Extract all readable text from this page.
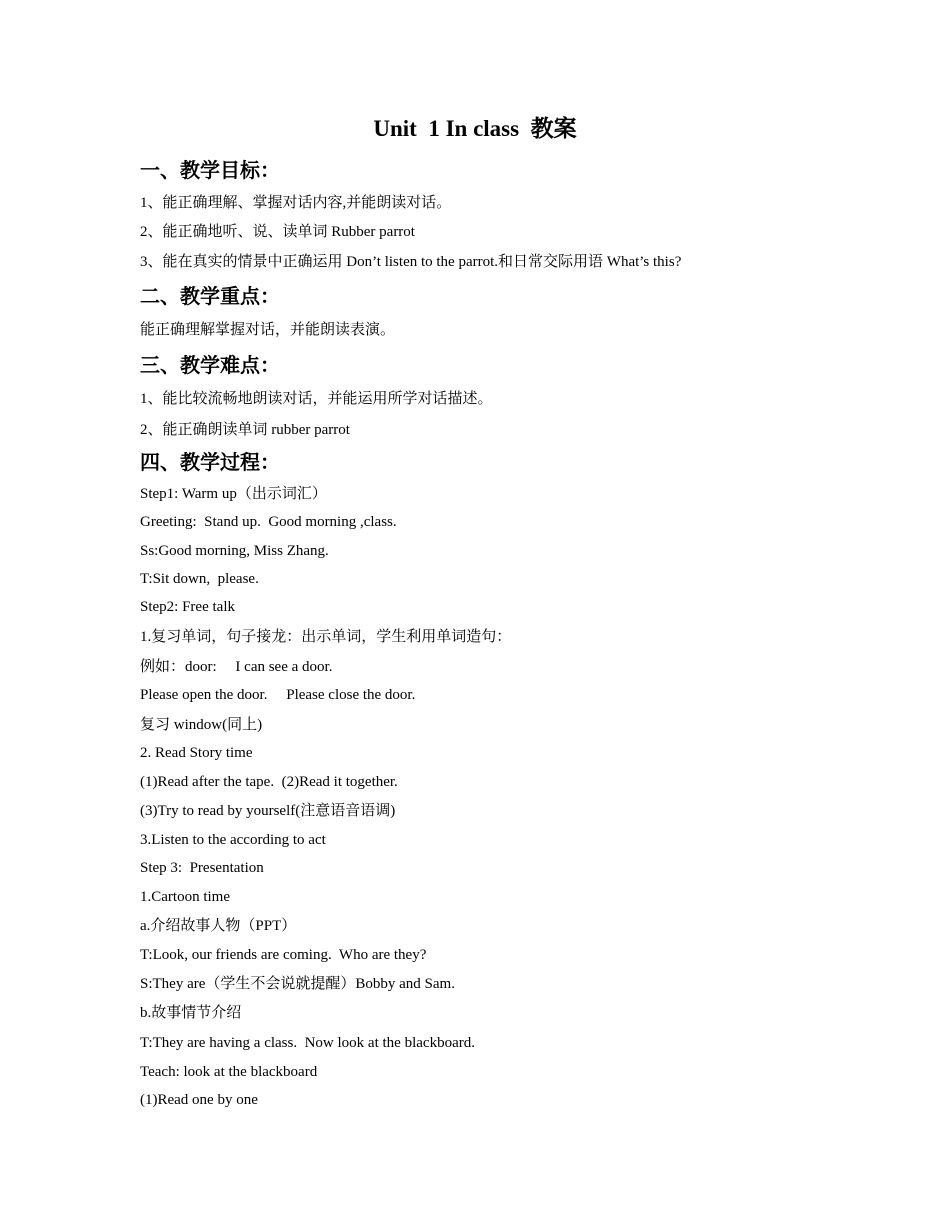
Unit  1 In class  教案
一、教学目标：
1、能正确理解、掌握对话内容,并能朗读对话。
2、能正确地听、说、读单词 Rubber parrot
3、能在真实的情景中正确运用 Don’t listen to the parrot.和日常交际用语 What’s this?
二、教学重点：
能正确理解掌握对话，并能朗读表演。
三、教学难点：
1、能比较流畅地朗读对话，并能运用所学对话描述。
2、能正确朗读单词 rubber parrot
四、教学过程：
Step1: Warm up（出示词汇）
Greeting:  Stand up.  Good morning ,class.
Ss:Good morning, Miss Zhang.
T:Sit down,  please.
Step2: Free talk
1.复习单词，句子接龙：出示单词，学生利用单词造句：
例如：door:     I can see a door.
Please open the door.     Please close the door.
复习 window(同上)
2. Read Story time
(1)Read after the tape.  (2)Read it together.
(3)Try to read by yourself(注意语音语调)
3.Listen to the according to act
Step 3:  Presentation
1.Cartoon time
a.介绍故事人物（PPT）
T:Look, our friends are coming.  Who are they?
S:They are（学生不会说就提醒）Bobby and Sam.
b.故事情节介绍
T:They are having a class.  Now look at the blackboard.
Teach: look at the blackboard
(1)Read one by one
